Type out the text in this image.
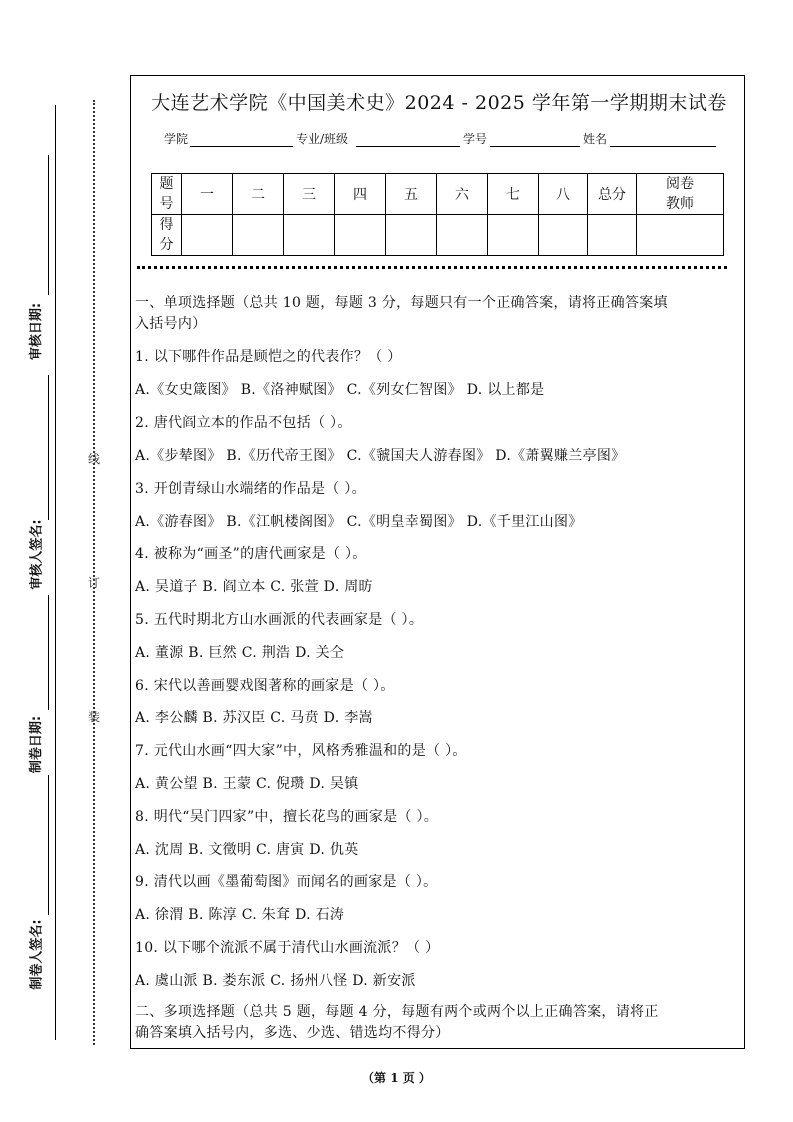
审核日期:
审核人签名:
制卷日期:
制卷人签名:
线
订
装
大连艺术学院《中国美术史》2024 - 2025 学年第一学期期末试卷
学院	专业/班级	学号	姓名
题
号	一	二	三	四	五	六	七	八	总分	阅卷
教师
得
分										
一、单项选择题（总共 10 题，每题 3 分，每题只有一个正确答案，请将正确答案填
入括号内）
1. 以下哪件作品是顾恺之的代表作？（ ）
A.《女史箴图》 B.《洛神赋图》 C.《列女仁智图》 D. 以上都是
2. 唐代阎立本的作品不包括（ ）。
A.《步辇图》 B.《历代帝王图》 C.《虢国夫人游春图》 D.《萧翼赚兰亭图》
3. 开创青绿山水端绪的作品是（ ）。
A.《游春图》 B.《江帆楼阁图》 C.《明皇幸蜀图》 D.《千里江山图》
4. 被称为“画圣”的唐代画家是（ ）。
A. 吴道子 B. 阎立本 C. 张萱 D. 周昉
5. 五代时期北方山水画派的代表画家是（ ）。
A. 董源 B. 巨然 C. 荆浩 D. 关仝
6. 宋代以善画婴戏图著称的画家是（ ）。
A. 李公麟 B. 苏汉臣 C. 马贲 D. 李嵩
7. 元代山水画“四大家”中，风格秀雅温和的是（ ）。
A. 黄公望 B. 王蒙 C. 倪瓒 D. 吴镇
8. 明代“吴门四家”中，擅长花鸟的画家是（ ）。
A. 沈周 B. 文徵明 C. 唐寅 D. 仇英
9. 清代以画《墨葡萄图》而闻名的画家是（ ）。
A. 徐渭 B. 陈淳 C. 朱耷 D. 石涛
10. 以下哪个流派不属于清代山水画流派？（ ）
A. 虞山派 B. 娄东派 C. 扬州八怪 D. 新安派
二、多项选择题（总共 5 题，每题 4 分，每题有两个或两个以上正确答案，请将正
确答案填入括号内，多选、少选、错选均不得分）
（第 1 页 ）
